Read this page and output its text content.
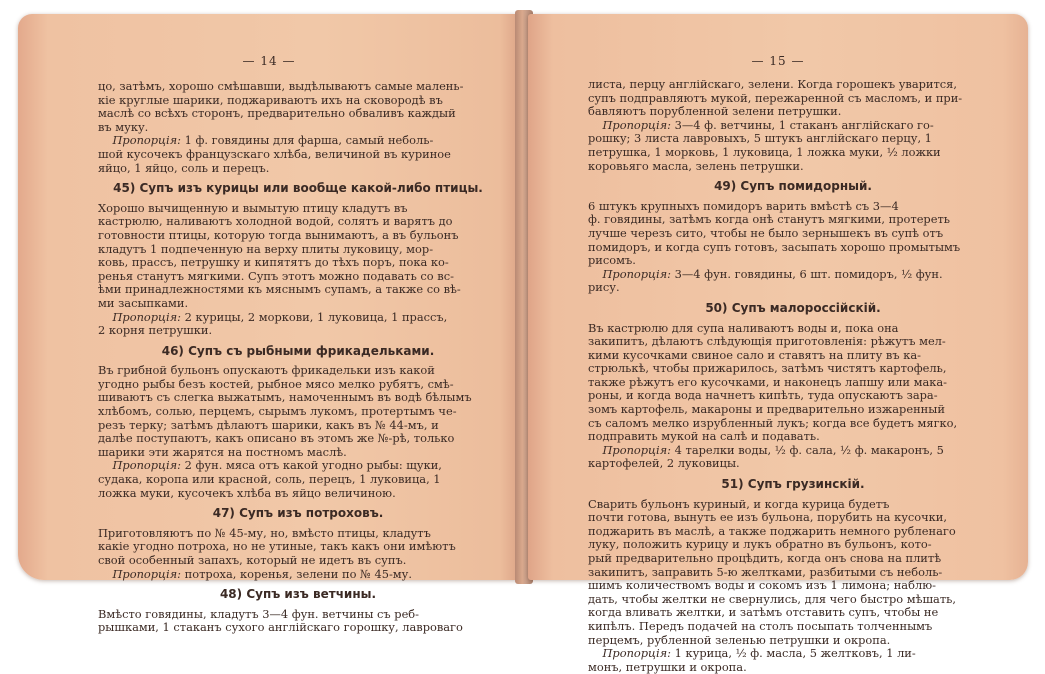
— 14 —
цо, затѣмъ, хорошо смѣшавши, выдѣлываютъ самые малень-
кіе круглые шарики, поджариваютъ ихъ на сковородѣ въ
маслѣ со всѣхъ сторонъ, предварительно обваливъ каждый
въ муку.
Пропорція: 1 ф. говядины для фарша, самый неболь-
шой кусочекъ французскаго хлѣба, величиной въ куриное
яйцо, 1 яйцо, соль и перецъ.
45) Супъ изъ курицы или вообще какой-либо птицы.
Хорошо вычищенную и вымытую птицу кладутъ въ
кастрюлю, наливаютъ холодной водой, солятъ и варятъ до
готовности птицы, которую тогда вынимаютъ, а въ бульонъ
кладутъ 1 подпеченную на верху плиты луковицу, мор-
ковь, прассъ, петрушку и кипятятъ до тѣхъ поръ, пока ко-
ренья станутъ мягкими. Супъ этотъ можно подавать со вс-
ѣми принадлежностями къ мяснымъ супамъ, а также со вѣ-
ми засыпками.
Пропорція: 2 курицы, 2 моркови, 1 луковица, 1 прассъ,
2 корня петрушки.
46) Супъ съ рыбными фрикадельками.
Въ грибной бульонъ опускаютъ фрикадельки изъ какой
угодно рыбы безъ костей, рыбное мясо мелко рубятъ, смѣ-
шиваютъ съ слегка выжатымъ, намоченнымъ въ водѣ бѣлымъ
хлѣбомъ, солью, перцемъ, сырымъ лукомъ, протертымъ че-
резъ терку; затѣмъ дѣлаютъ шарики, какъ въ № 44-мъ, и
далѣе поступаютъ, какъ описано въ этомъ же №-рѣ, только
шарики эти жарятся на постномъ маслѣ.
Пропорція: 2 фун. мяса отъ какой угодно рыбы: щуки,
судака, коропа или красной, соль, перецъ, 1 луковица, 1
ложка муки, кусочекъ хлѣба въ яйцо величиною.
47) Супъ изъ потроховъ.
Приготовляютъ по № 45-му, но, вмѣсто птицы, кладутъ
какіе угодно потроха, но не утиные, такъ какъ они имѣютъ
свой особенный запахъ, который не идетъ въ супъ.
Пропорція: потроха, коренья, зелени по № 45-му.
48) Супъ изъ ветчины.
Вмѣсто говядины, кладутъ 3—4 фун. ветчины съ реб-
рышками, 1 стаканъ сухого англійскаго горошку, лавроваго
— 15 —
листа, перцу англійскаго, зелени. Когда горошекъ уварится,
супъ подправляютъ мукой, пережаренной съ масломъ, и при-
бавляютъ порубленной зелени петрушки.
Пропорція: 3—4 ф. ветчины, 1 стаканъ англійскаго го-
рошку; 3 листа лавровыхъ, 5 штукъ англійскаго перцу, 1
петрушка, 1 морковь, 1 луковица, 1 ложка муки, ½ ложки
коровьяго масла, зелень петрушки.
49) Супъ помидорный.
6 штукъ крупныхъ помидоръ варить вмѣстѣ съ 3—4
ф. говядины, затѣмъ когда онѣ станутъ мягкими, протереть
лучше черезъ сито, чтобы не было зернышекъ въ супѣ отъ
помидоръ, и когда супъ готовъ, засыпать хорошо промытымъ
рисомъ.
Пропорція: 3—4 фун. говядины, 6 шт. помидоръ, ½ фун.
рису.
50) Супъ малороссійскій.
Въ кастрюлю для супа наливаютъ воды и, пока она
закипитъ, дѣлаютъ слѣдующія приготовленія: рѣжутъ мел-
кими кусочками свиное сало и ставятъ на плиту въ ка-
стрюлькѣ, чтобы прижарилось, затѣмъ чистятъ картофель,
также рѣжутъ его кусочками, и наконецъ лапшу или мака-
роны, и когда вода начнетъ кипѣть, туда опускаютъ зара-
зомъ картофель, макароны и предварительно изжаренный
съ саломъ мелко изрубленный лукъ; когда все будетъ мягко,
подправить мукой на салѣ и подавать.
Пропорція: 4 тарелки воды, ½ ф. сала, ½ ф. макаронъ, 5
картофелей, 2 луковицы.
51) Супъ грузинскій.
Сварить бульонъ куриный, и когда курица будетъ
почти готова, вынуть ее изъ бульона, порубить на кусочки,
поджарить въ маслѣ, а также поджарить немного рубленаго
луку, положить курицу и лукъ обратно въ бульонъ, кото-
рый предварительно процѣдить, когда онъ снова на плитѣ
закипитъ, заправить 5-ю желтками, разбитыми съ неболь-
шимъ количествомъ воды и сокомъ изъ 1 лимона; наблю-
дать, чтобы желтки не свернулись, для чего быстро мѣшать,
когда вливать желтки, и затѣмъ отставить супъ, чтобы не
кипѣлъ. Передъ подачей на столъ посыпать толченнымъ
перцемъ, рубленной зеленью петрушки и окропа.
Пропорція: 1 курица, ½ ф. масла, 5 желтковъ, 1 ли-
монъ, петрушки и окропа.
